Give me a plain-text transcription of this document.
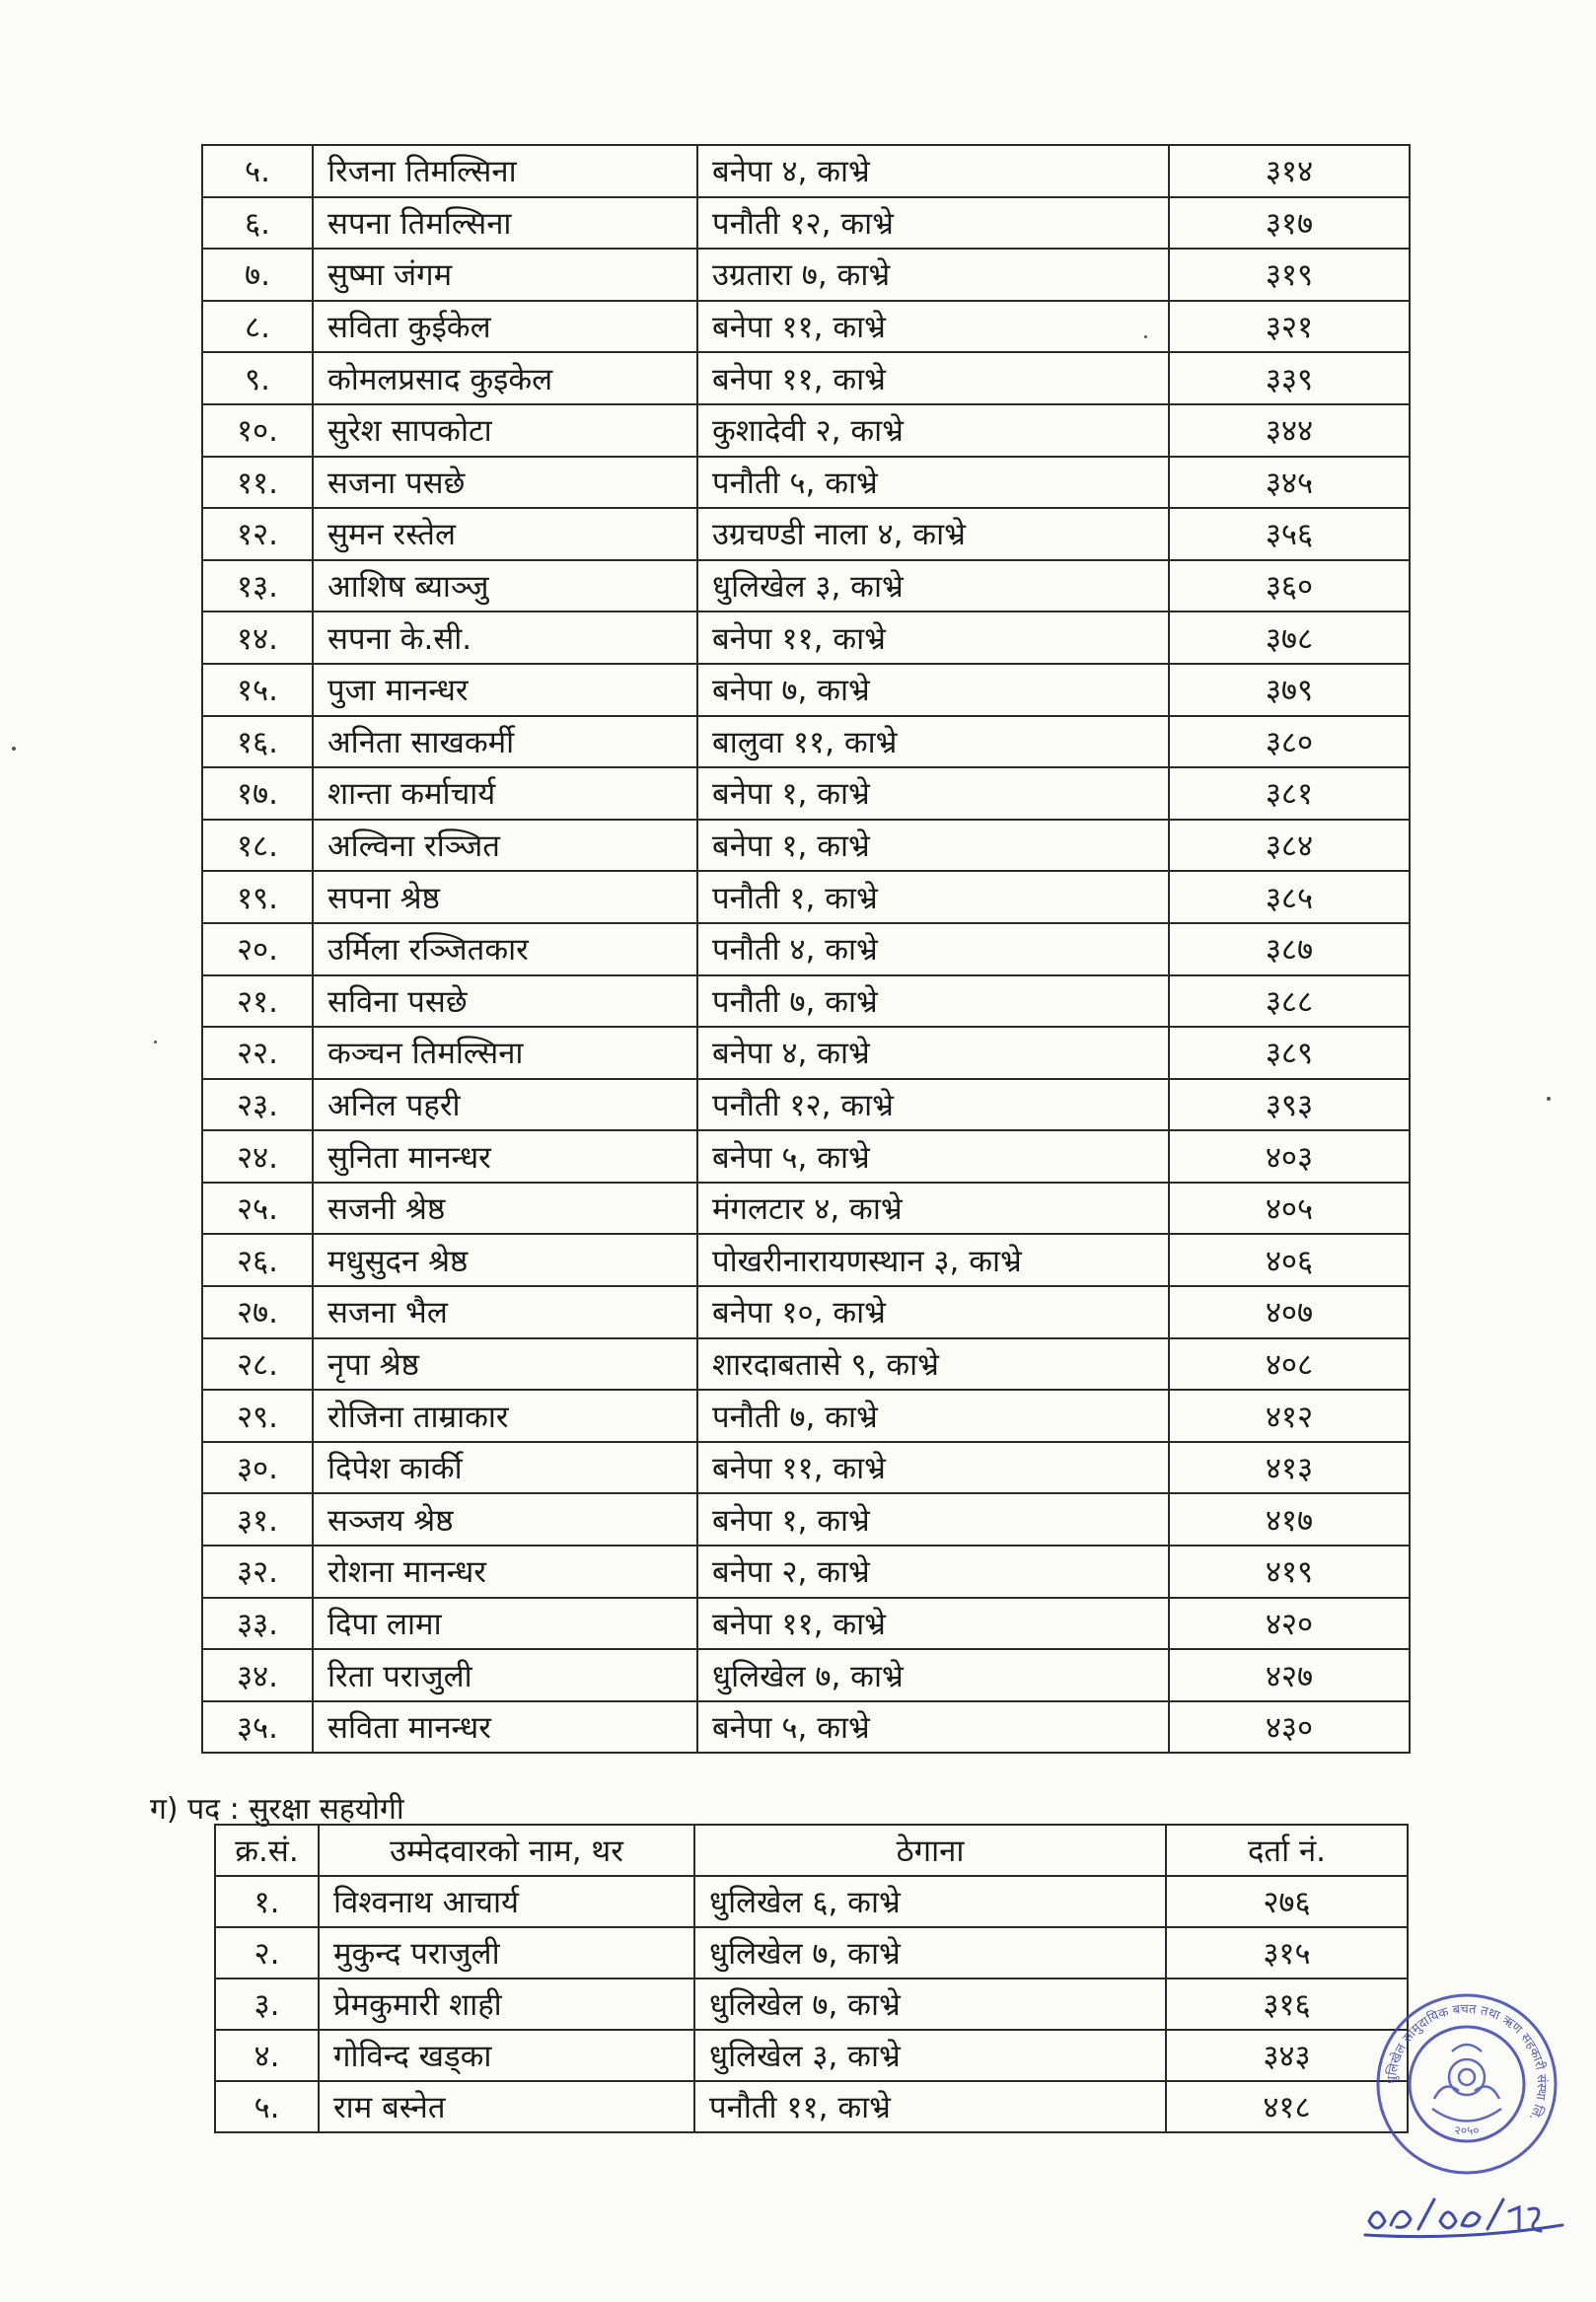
५.	रिजना तिमल्सिना	बनेपा ४, काभ्रे	३१४
६.	सपना तिमल्सिना	पनौती १२, काभ्रे	३१७
७.	सुष्मा जंगम	उग्रतारा ७, काभ्रे	३१९
८.	सविता कुईकेल	बनेपा ११, काभ्रे	३२१
९.	कोमलप्रसाद कुइकेल	बनेपा ११, काभ्रे	३३९
१०.	सुरेश सापकोटा	कुशादेवी २, काभ्रे	३४४
११.	सजना पसछे	पनौती ५, काभ्रे	३४५
१२.	सुमन रस्तेल	उग्रचण्डी नाला ४, काभ्रे	३५६
१३.	आशिष ब्याञ्जु	धुलिखेल ३, काभ्रे	३६०
१४.	सपना के.सी.	बनेपा ११, काभ्रे	३७८
१५.	पुजा मानन्धर	बनेपा ७, काभ्रे	३७९
१६.	अनिता साखकर्मी	बालुवा ११, काभ्रे	३८०
१७.	शान्ता कर्माचार्य	बनेपा १, काभ्रे	३८१
१८.	अल्विना रञ्जित	बनेपा १, काभ्रे	३८४
१९.	सपना श्रेष्ठ	पनौती १, काभ्रे	३८५
२०.	उर्मिला रञ्जितकार	पनौती ४, काभ्रे	३८७
२१.	सविना पसछे	पनौती ७, काभ्रे	३८८
२२.	कञ्चन तिमल्सिना	बनेपा ४, काभ्रे	३८९
२३.	अनिल पहरी	पनौती १२, काभ्रे	३९३
२४.	सुनिता मानन्धर	बनेपा ५, काभ्रे	४०३
२५.	सजनी श्रेष्ठ	मंगलटार ४, काभ्रे	४०५
२६.	मधुसुदन श्रेष्ठ	पोखरीनारायणस्थान ३, काभ्रे	४०६
२७.	सजना भैल	बनेपा १०, काभ्रे	४०७
२८.	नृपा श्रेष्ठ	शारदाबतासे ९, काभ्रे	४०८
२९.	रोजिना ताम्राकार	पनौती ७, काभ्रे	४१२
३०.	दिपेश कार्की	बनेपा ११, काभ्रे	४१३
३१.	सञ्जय श्रेष्ठ	बनेपा १, काभ्रे	४१७
३२.	रोशना मानन्धर	बनेपा २, काभ्रे	४१९
३३.	दिपा लामा	बनेपा ११, काभ्रे	४२०
३४.	रिता पराजुली	धुलिखेल ७, काभ्रे	४२७
३५.	सविता मानन्धर	बनेपा ५, काभ्रे	४३०
ग) पद : सुरक्षा सहयोगी
क्र.सं.	उम्मेदवारको नाम, थर	ठेगाना	दर्ता नं.
१.	विश्वनाथ आचार्य	धुलिखेल ६, काभ्रे	२७६
२.	मुकुन्द पराजुली	धुलिखेल ७, काभ्रे	३१५
३.	प्रेमकुमारी शाही	धुलिखेल ७, काभ्रे	३१६
४.	गोविन्द खड्का	धुलिखेल ३, काभ्रे	३४३
५.	राम बस्नेत	पनौती ११, काभ्रे	४१८
धुलिखेल सामुदायिक बचत तथा ऋण सहकारी संस्था लि.
२०५०
